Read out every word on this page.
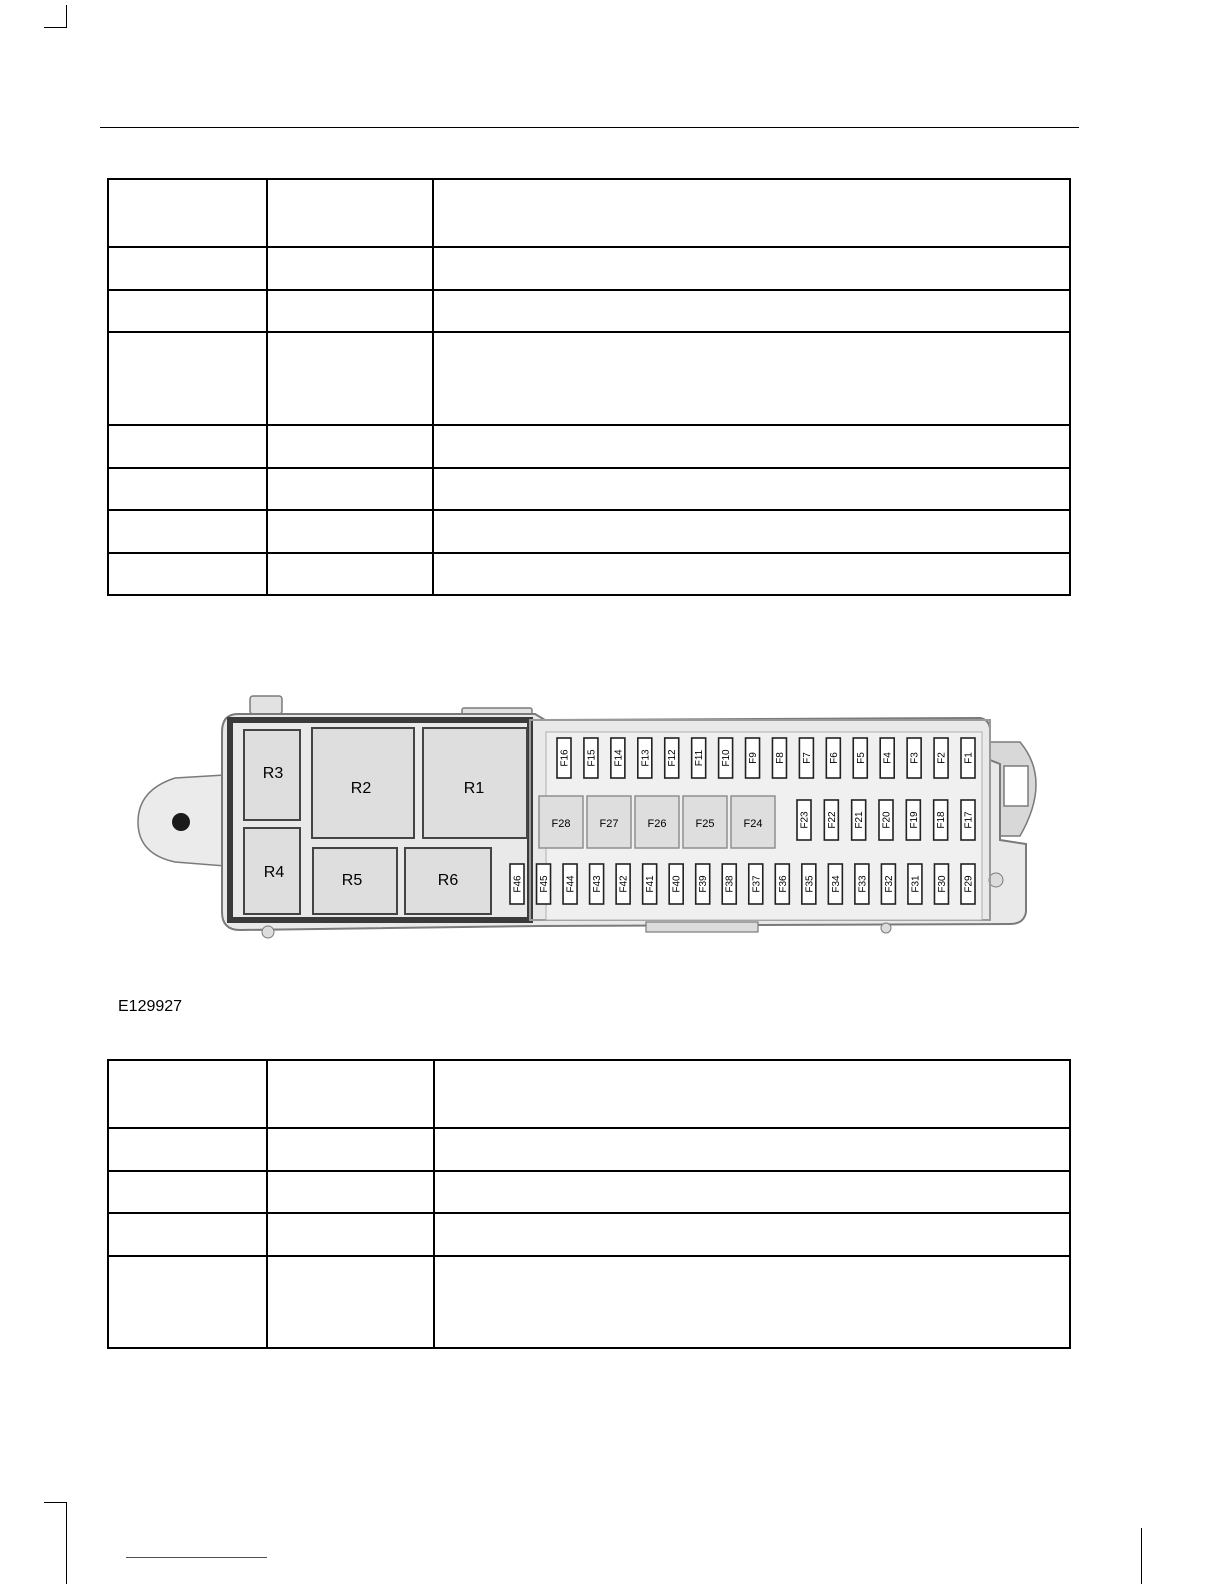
R3
R2	R1
R4	R5	R6
F16 F15 F14 F13 F12 F11 F10 F9 F8 F7 F6 F5 F4 F3 F2 F1
F28	F27	F26	F25	F24	F23 F22 F21 F20 F19 F18 F17
F46 F45 F44 F43 F42 F41 F40 F39 F38 F37 F36 F35 F34 F33 F32 F31 F30 F29
E129927
